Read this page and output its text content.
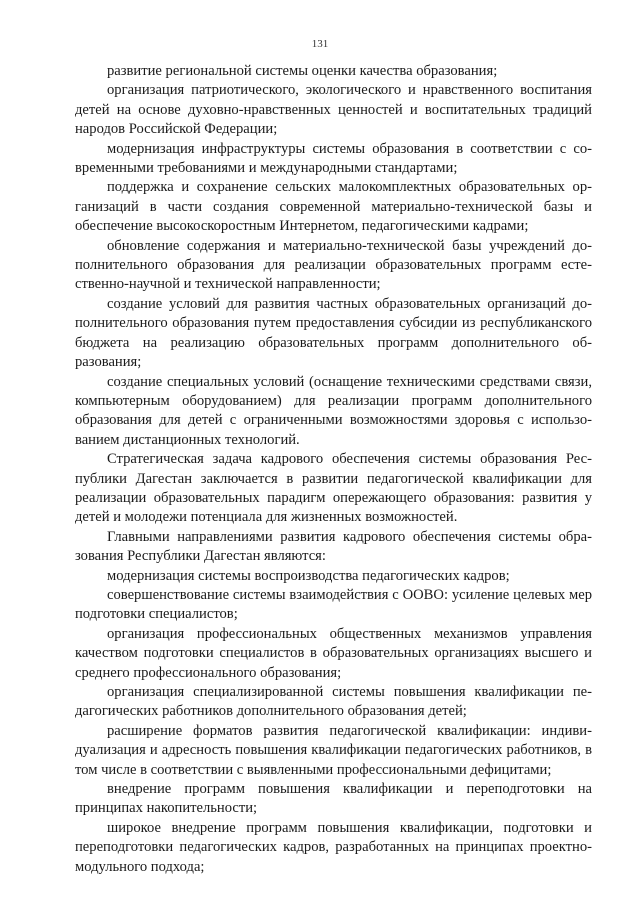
131

развитие региональной системы оценки качества образования;

организация патриотического, экологического и нравственного воспитания детей на основе духовно-нравственных ценностей и воспитательных традиций народов Российской Федерации;

модернизация инфраструктуры системы образования в соответствии с современными требованиями и международными стандартами;

поддержка и сохранение сельских малокомплектных образовательных организаций в части создания современной материально-технической базы и обеспечение высокоскоростным Интернетом, педагогическими кадрами;

обновление содержания и материально-технической базы учреждений дополнительного образования для реализации образовательных программ естественно-научной и технической направленности;

создание условий для развития частных образовательных организаций дополнительного образования путем предоставления субсидии из республиканского бюджета на реализацию образовательных программ дополнительного образования;

создание специальных условий (оснащение техническими средствами связи, компьютерным оборудованием) для реализации программ дополнительного образования для детей с ограниченными возможностями здоровья с использованием дистанционных технологий.

Стратегическая задача кадрового обеспечения системы образования Республики Дагестан заключается в развитии педагогической квалификации для реализации образовательных парадигм опережающего образования: развития у детей и молодежи потенциала для жизненных возможностей.

Главными направлениями развития кадрового обеспечения системы образования Республики Дагестан являются:

модернизация системы воспроизводства педагогических кадров;

совершенствование системы взаимодействия с ООВО: усиление целевых мер подготовки специалистов;

организация профессиональных общественных механизмов управления качеством подготовки специалистов в образовательных организациях высшего и среднего профессионального образования;

организация специализированной системы повышения квалификации педагогических работников дополнительного образования детей;

расширение форматов развития педагогической квалификации: индивидуализация и адресность повышения квалификации педагогических работников, в том числе в соответствии с выявленными профессиональными дефицитами;

внедрение программ повышения квалификации и переподготовки на принципах накопительности;

широкое внедрение программ повышения квалификации, подготовки и переподготовки педагогических кадров, разработанных на принципах проектно-модульного подхода;
